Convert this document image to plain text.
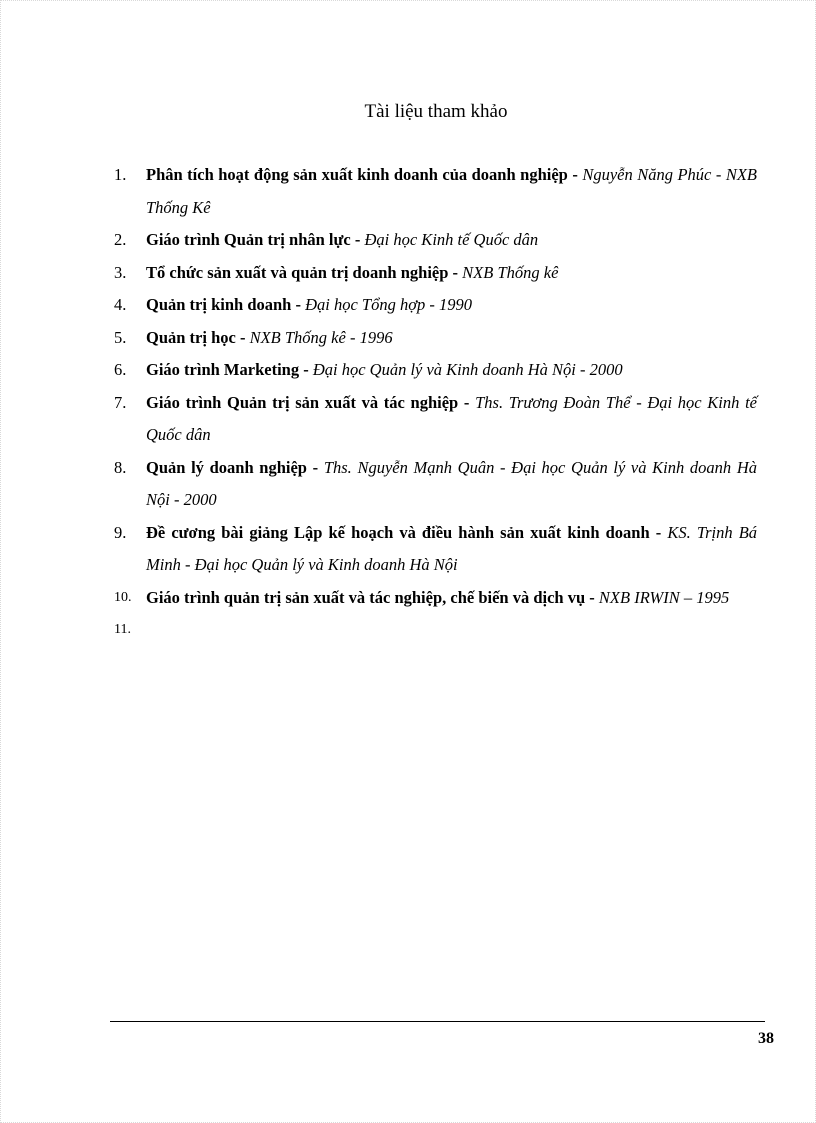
Tài liệu tham khảo
1.	Phân tích hoạt động sản xuất kinh doanh của doanh nghiệp - Nguyễn Năng Phúc - NXB Thống Kê
2.	Giáo trình Quản trị nhân lực - Đại học Kinh tế Quốc dân
3.	Tổ chức sản xuất và quản trị doanh nghiệp - NXB Thống kê
4.	Quản trị kinh doanh - Đại học Tổng hợp - 1990
5.	Quản trị học - NXB Thống kê - 1996
6.	Giáo trình Marketing - Đại học Quản lý và Kinh doanh Hà Nội - 2000
7.	Giáo trình Quản trị sản xuất và tác nghiệp - Ths. Trương Đoàn Thể - Đại học Kinh tế Quốc dân
8.	Quản lý doanh nghiệp - Ths. Nguyễn Mạnh Quân - Đại học Quản lý và Kinh doanh Hà Nội - 2000
9.	Đề cương bài giảng Lập kế hoạch và điều hành sản xuất kinh doanh - KS. Trịnh Bá Minh - Đại học Quản lý và Kinh doanh Hà Nội
10. Giáo trình quản trị sản xuất và tác nghiệp, chế biến và dịch vụ - NXB IRWIN – 1995
11.

38
